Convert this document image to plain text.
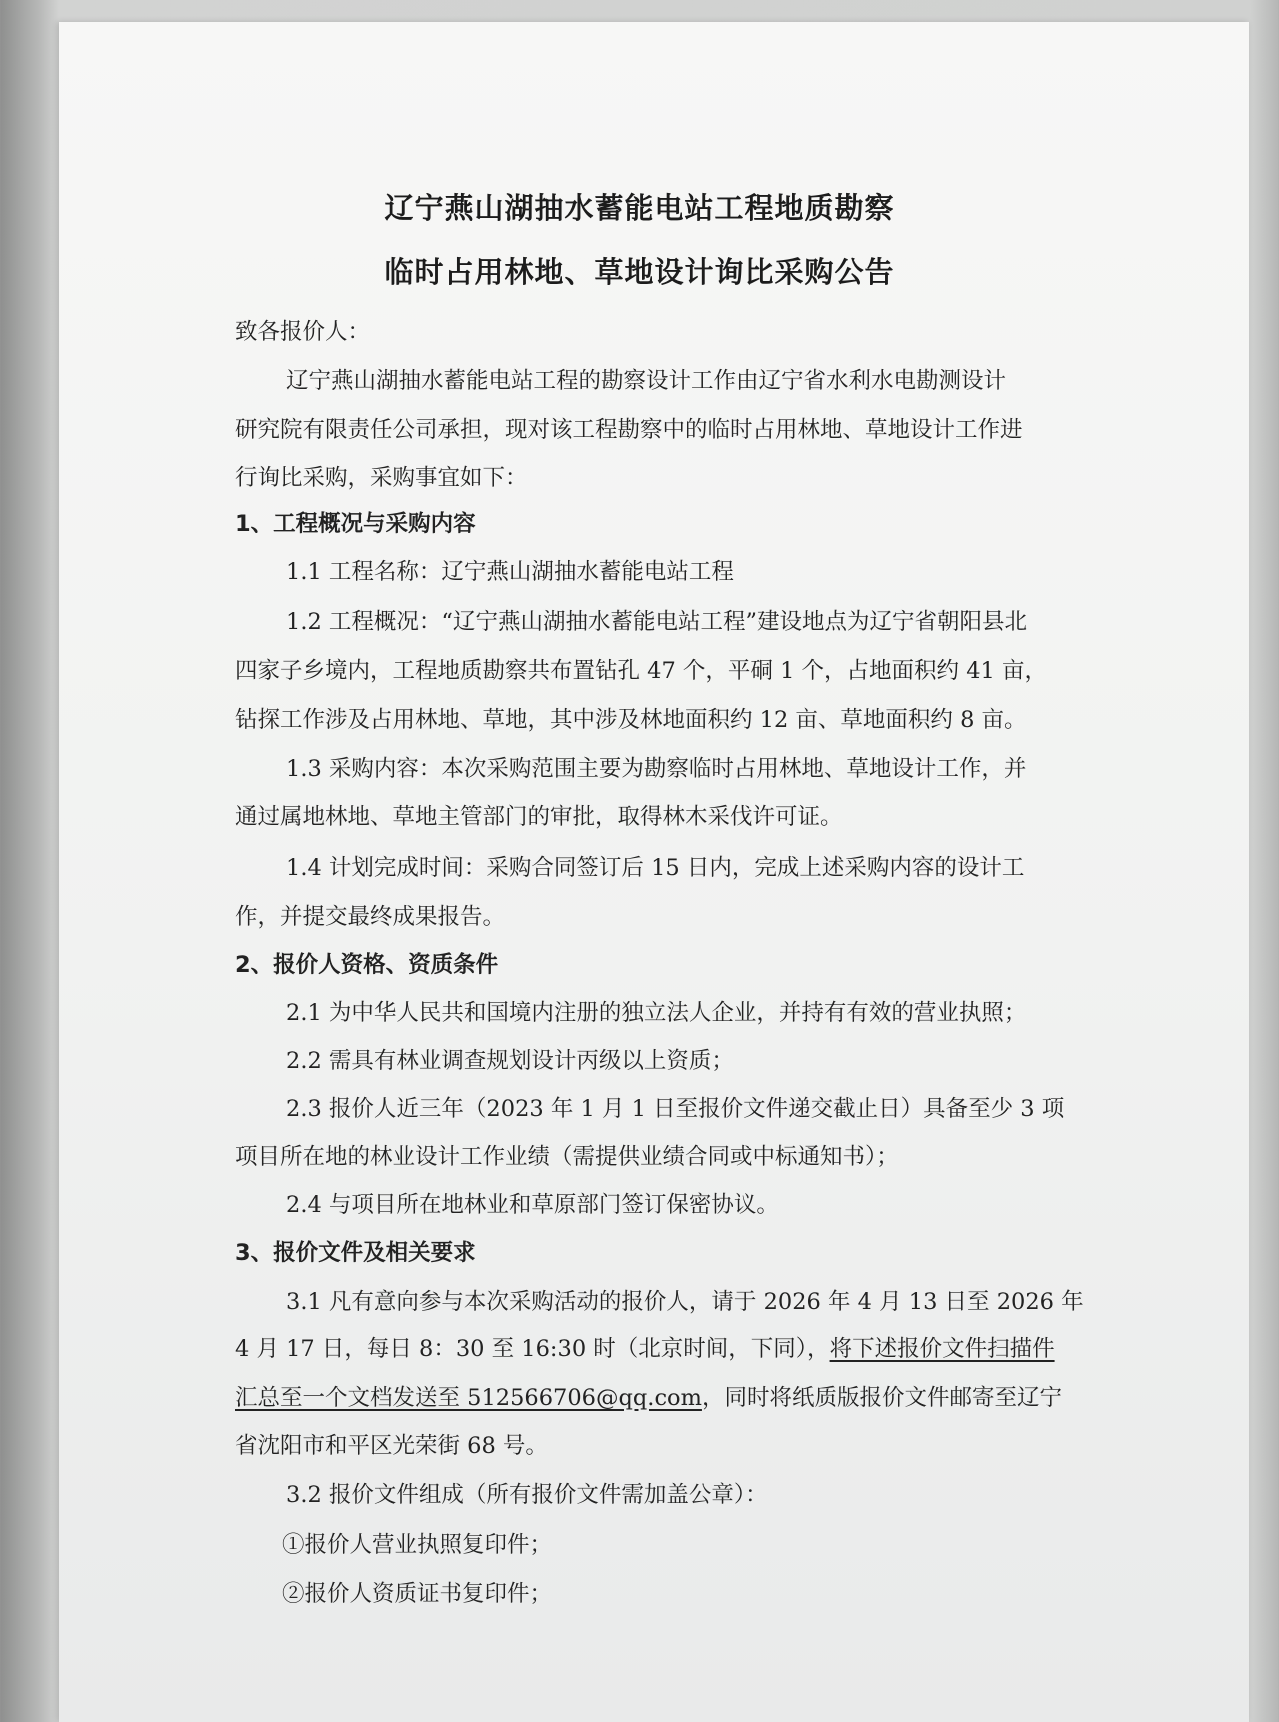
辽宁燕山湖抽水蓄能电站工程地质勘察
临时占用林地、草地设计询比采购公告
致各报价人：
辽宁燕山湖抽水蓄能电站工程的勘察设计工作由辽宁省水利水电勘测设计
研究院有限责任公司承担，现对该工程勘察中的临时占用林地、草地设计工作进
行询比采购，采购事宜如下：
1、工程概况与采购内容
1.1 工程名称：辽宁燕山湖抽水蓄能电站工程
1.2 工程概况：“辽宁燕山湖抽水蓄能电站工程”建设地点为辽宁省朝阳县北
四家子乡境内，工程地质勘察共布置钻孔 47 个，平硐 1 个，占地面积约 41 亩，
钻探工作涉及占用林地、草地，其中涉及林地面积约 12 亩、草地面积约 8 亩。
1.3 采购内容：本次采购范围主要为勘察临时占用林地、草地设计工作，并
通过属地林地、草地主管部门的审批，取得林木采伐许可证。
1.4 计划完成时间：采购合同签订后 15 日内，完成上述采购内容的设计工
作，并提交最终成果报告。
2、报价人资格、资质条件
2.1 为中华人民共和国境内注册的独立法人企业，并持有有效的营业执照；
2.2 需具有林业调查规划设计丙级以上资质；
2.3 报价人近三年（2023 年 1 月 1 日至报价文件递交截止日）具备至少 3 项
项目所在地的林业设计工作业绩（需提供业绩合同或中标通知书）；
2.4 与项目所在地林业和草原部门签订保密协议。
3、报价文件及相关要求
3.1 凡有意向参与本次采购活动的报价人，请于 2026 年 4 月 13 日至 2026 年
4 月 17 日，每日 8：30 至 16:30 时（北京时间，下同），将下述报价文件扫描件
汇总至一个文档发送至 512566706@qq.com，同时将纸质版报价文件邮寄至辽宁
省沈阳市和平区光荣街 68 号。
3.2 报价文件组成（所有报价文件需加盖公章）：
①报价人营业执照复印件；
②报价人资质证书复印件；
